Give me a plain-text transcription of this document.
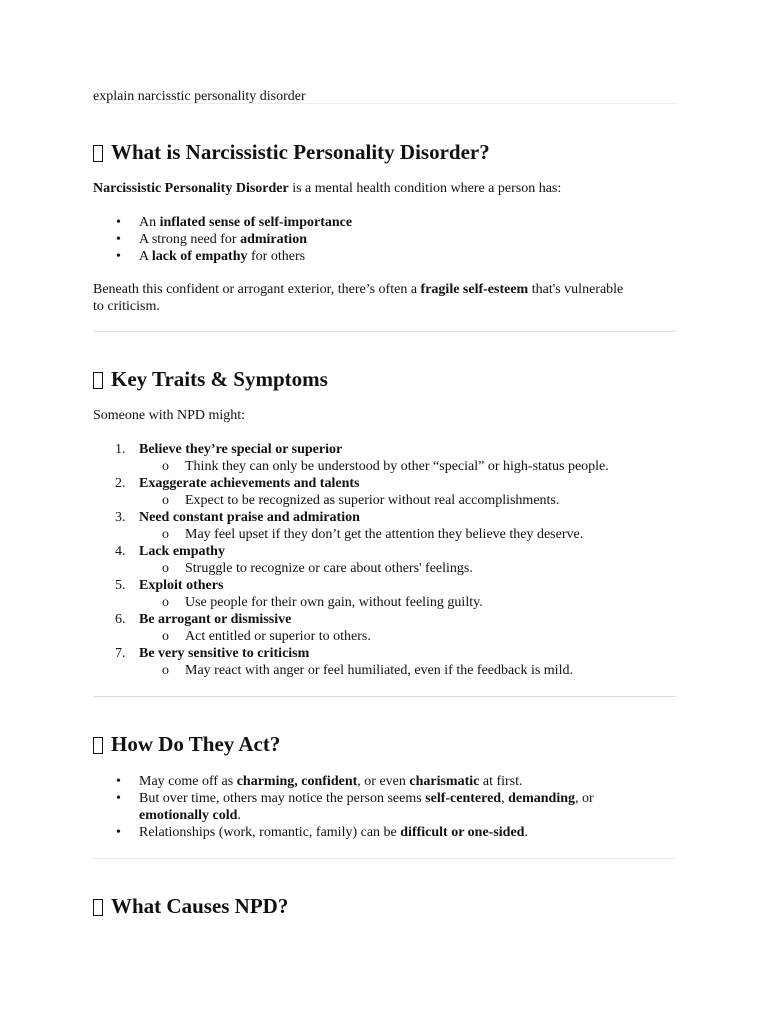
explain narcisstic personality disorder

What is Narcissistic Personality Disorder?

Narcissistic Personality Disorder is a mental health condition where a person has:

• An inflated sense of self-importance
• A strong need for admiration
• A lack of empathy for others

Beneath this confident or arrogant exterior, there’s often a fragile self-esteem that's vulnerable to criticism.

Key Traits & Symptoms

Someone with NPD might:

1. Believe they’re special or superior
o Think they can only be understood by other “special” or high-status people.
2. Exaggerate achievements and talents
o Expect to be recognized as superior without real accomplishments.
3. Need constant praise and admiration
o May feel upset if they don’t get the attention they believe they deserve.
4. Lack empathy
o Struggle to recognize or care about others' feelings.
5. Exploit others
o Use people for their own gain, without feeling guilty.
6. Be arrogant or dismissive
o Act entitled or superior to others.
7. Be very sensitive to criticism
o May react with anger or feel humiliated, even if the feedback is mild.
How Do They Act?
• May come off as charming, confident, or even charismatic at first.
• But over time, others may notice the person seems self-centered, demanding, or emotionally cold.
• Relationships (work, romantic, family) can be difficult or one-sided.
What Causes NPD?
